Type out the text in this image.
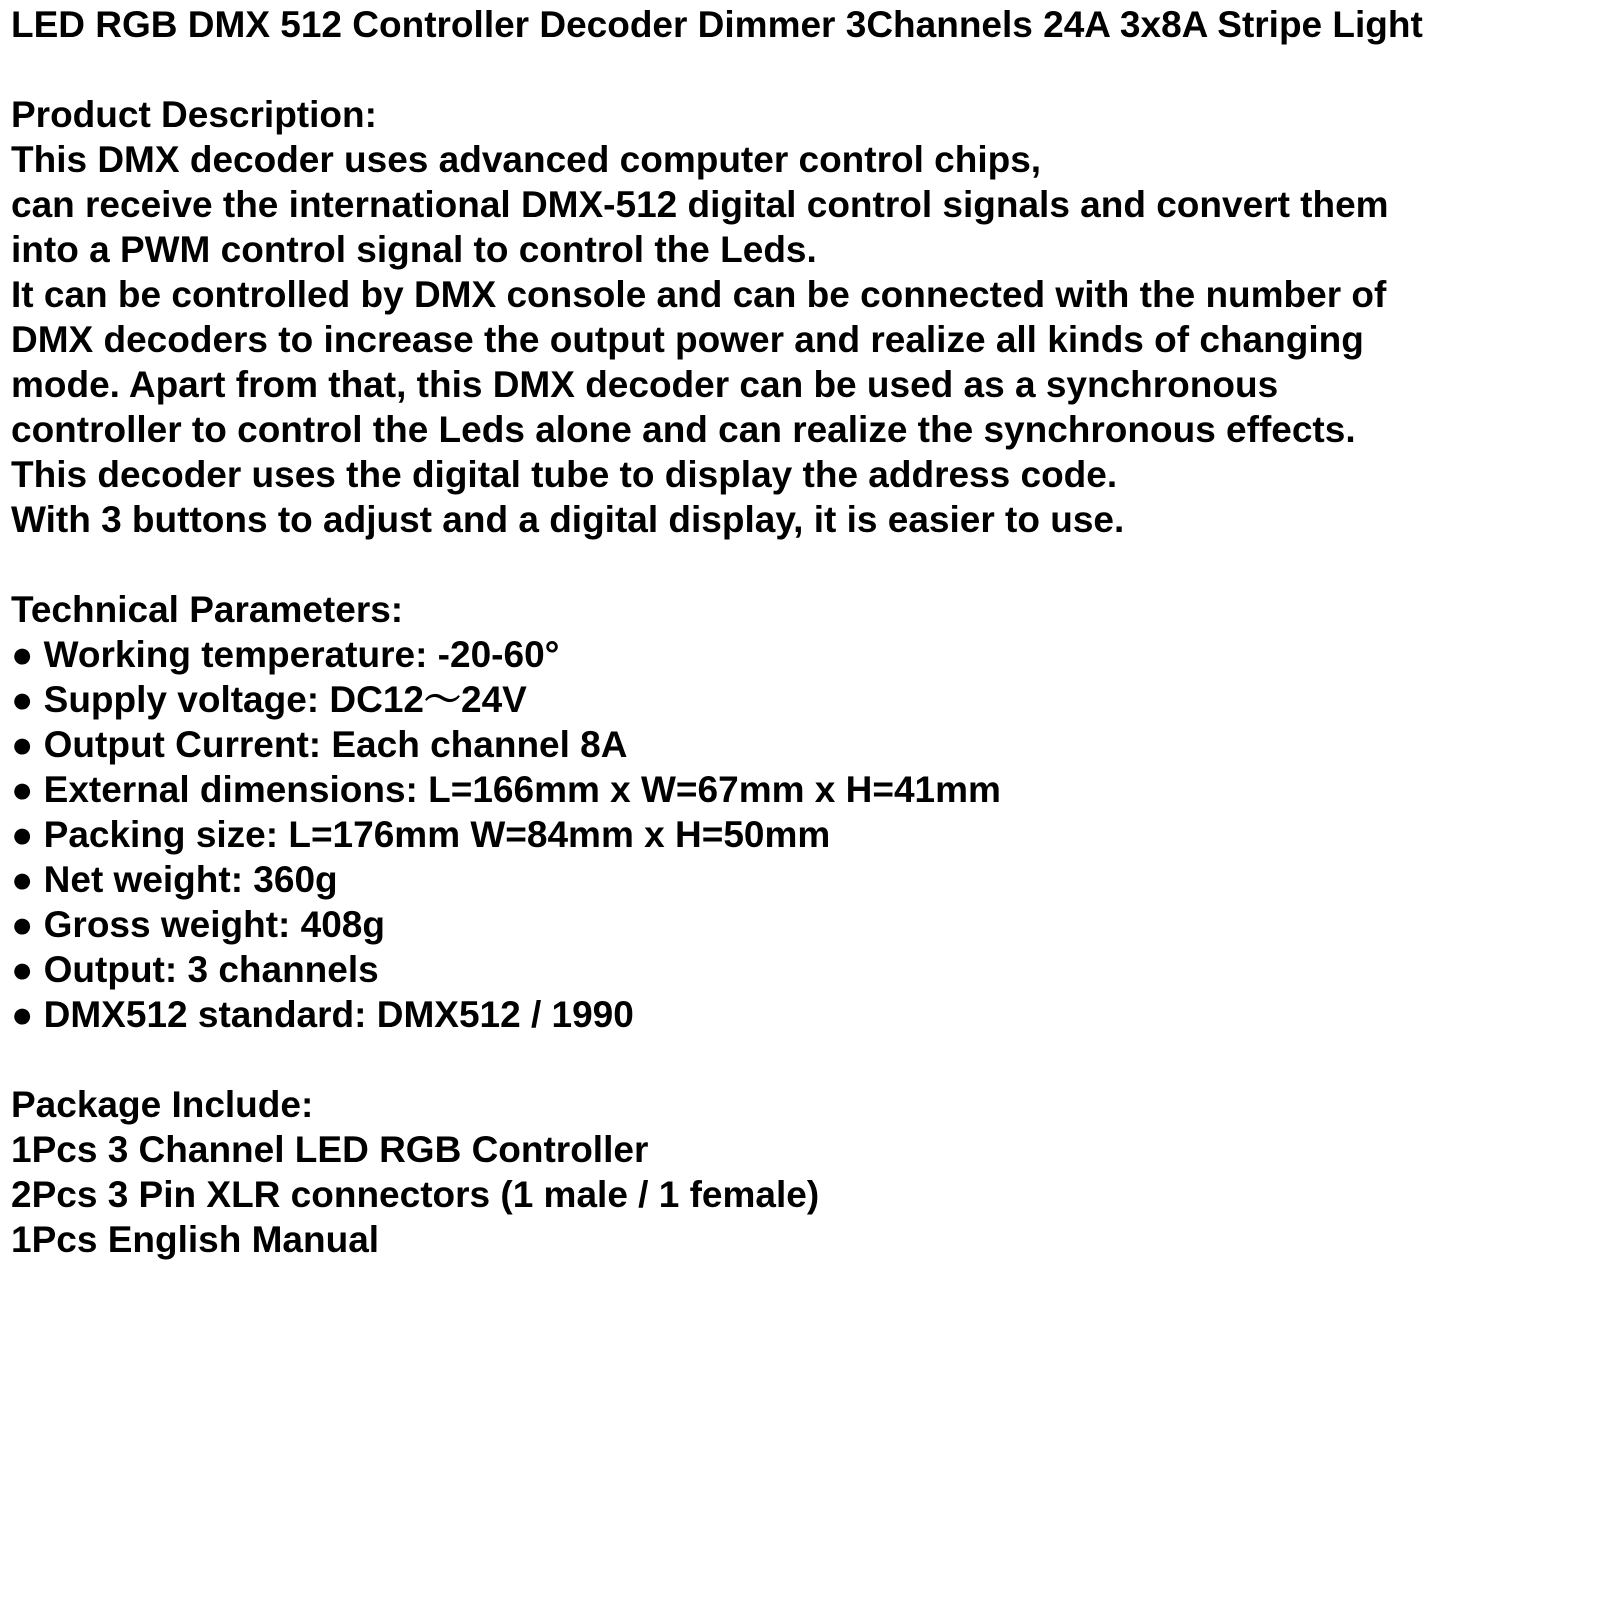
LED RGB DMX 512 Controller Decoder Dimmer 3Channels 24A 3x8A Stripe Light
Product Description:
This DMX decoder uses advanced computer control chips,
can receive the international DMX-512 digital control signals and convert them
into a PWM control signal to control the Leds.
It can be controlled by DMX console and can be connected with the number of
DMX decoders to increase the output power and realize all kinds of changing
mode. Apart from that, this DMX decoder can be used as a synchronous
controller to control the Leds alone and can realize the synchronous effects.
This decoder uses the digital tube to display the address code.
With 3 buttons to adjust and a digital display, it is easier to use.
Technical Parameters:
● Working temperature: -20-60°
● Supply voltage: DC12～24V
● Output Current: Each channel 8A
● External dimensions: L=166mm x W=67mm x H=41mm
● Packing size: L=176mm W=84mm x H=50mm
● Net weight: 360g
● Gross weight: 408g
● Output: 3 channels
● DMX512 standard: DMX512 / 1990
Package Include:
1Pcs 3 Channel LED RGB Controller
2Pcs 3 Pin XLR connectors (1 male / 1 female)
1Pcs English Manual
